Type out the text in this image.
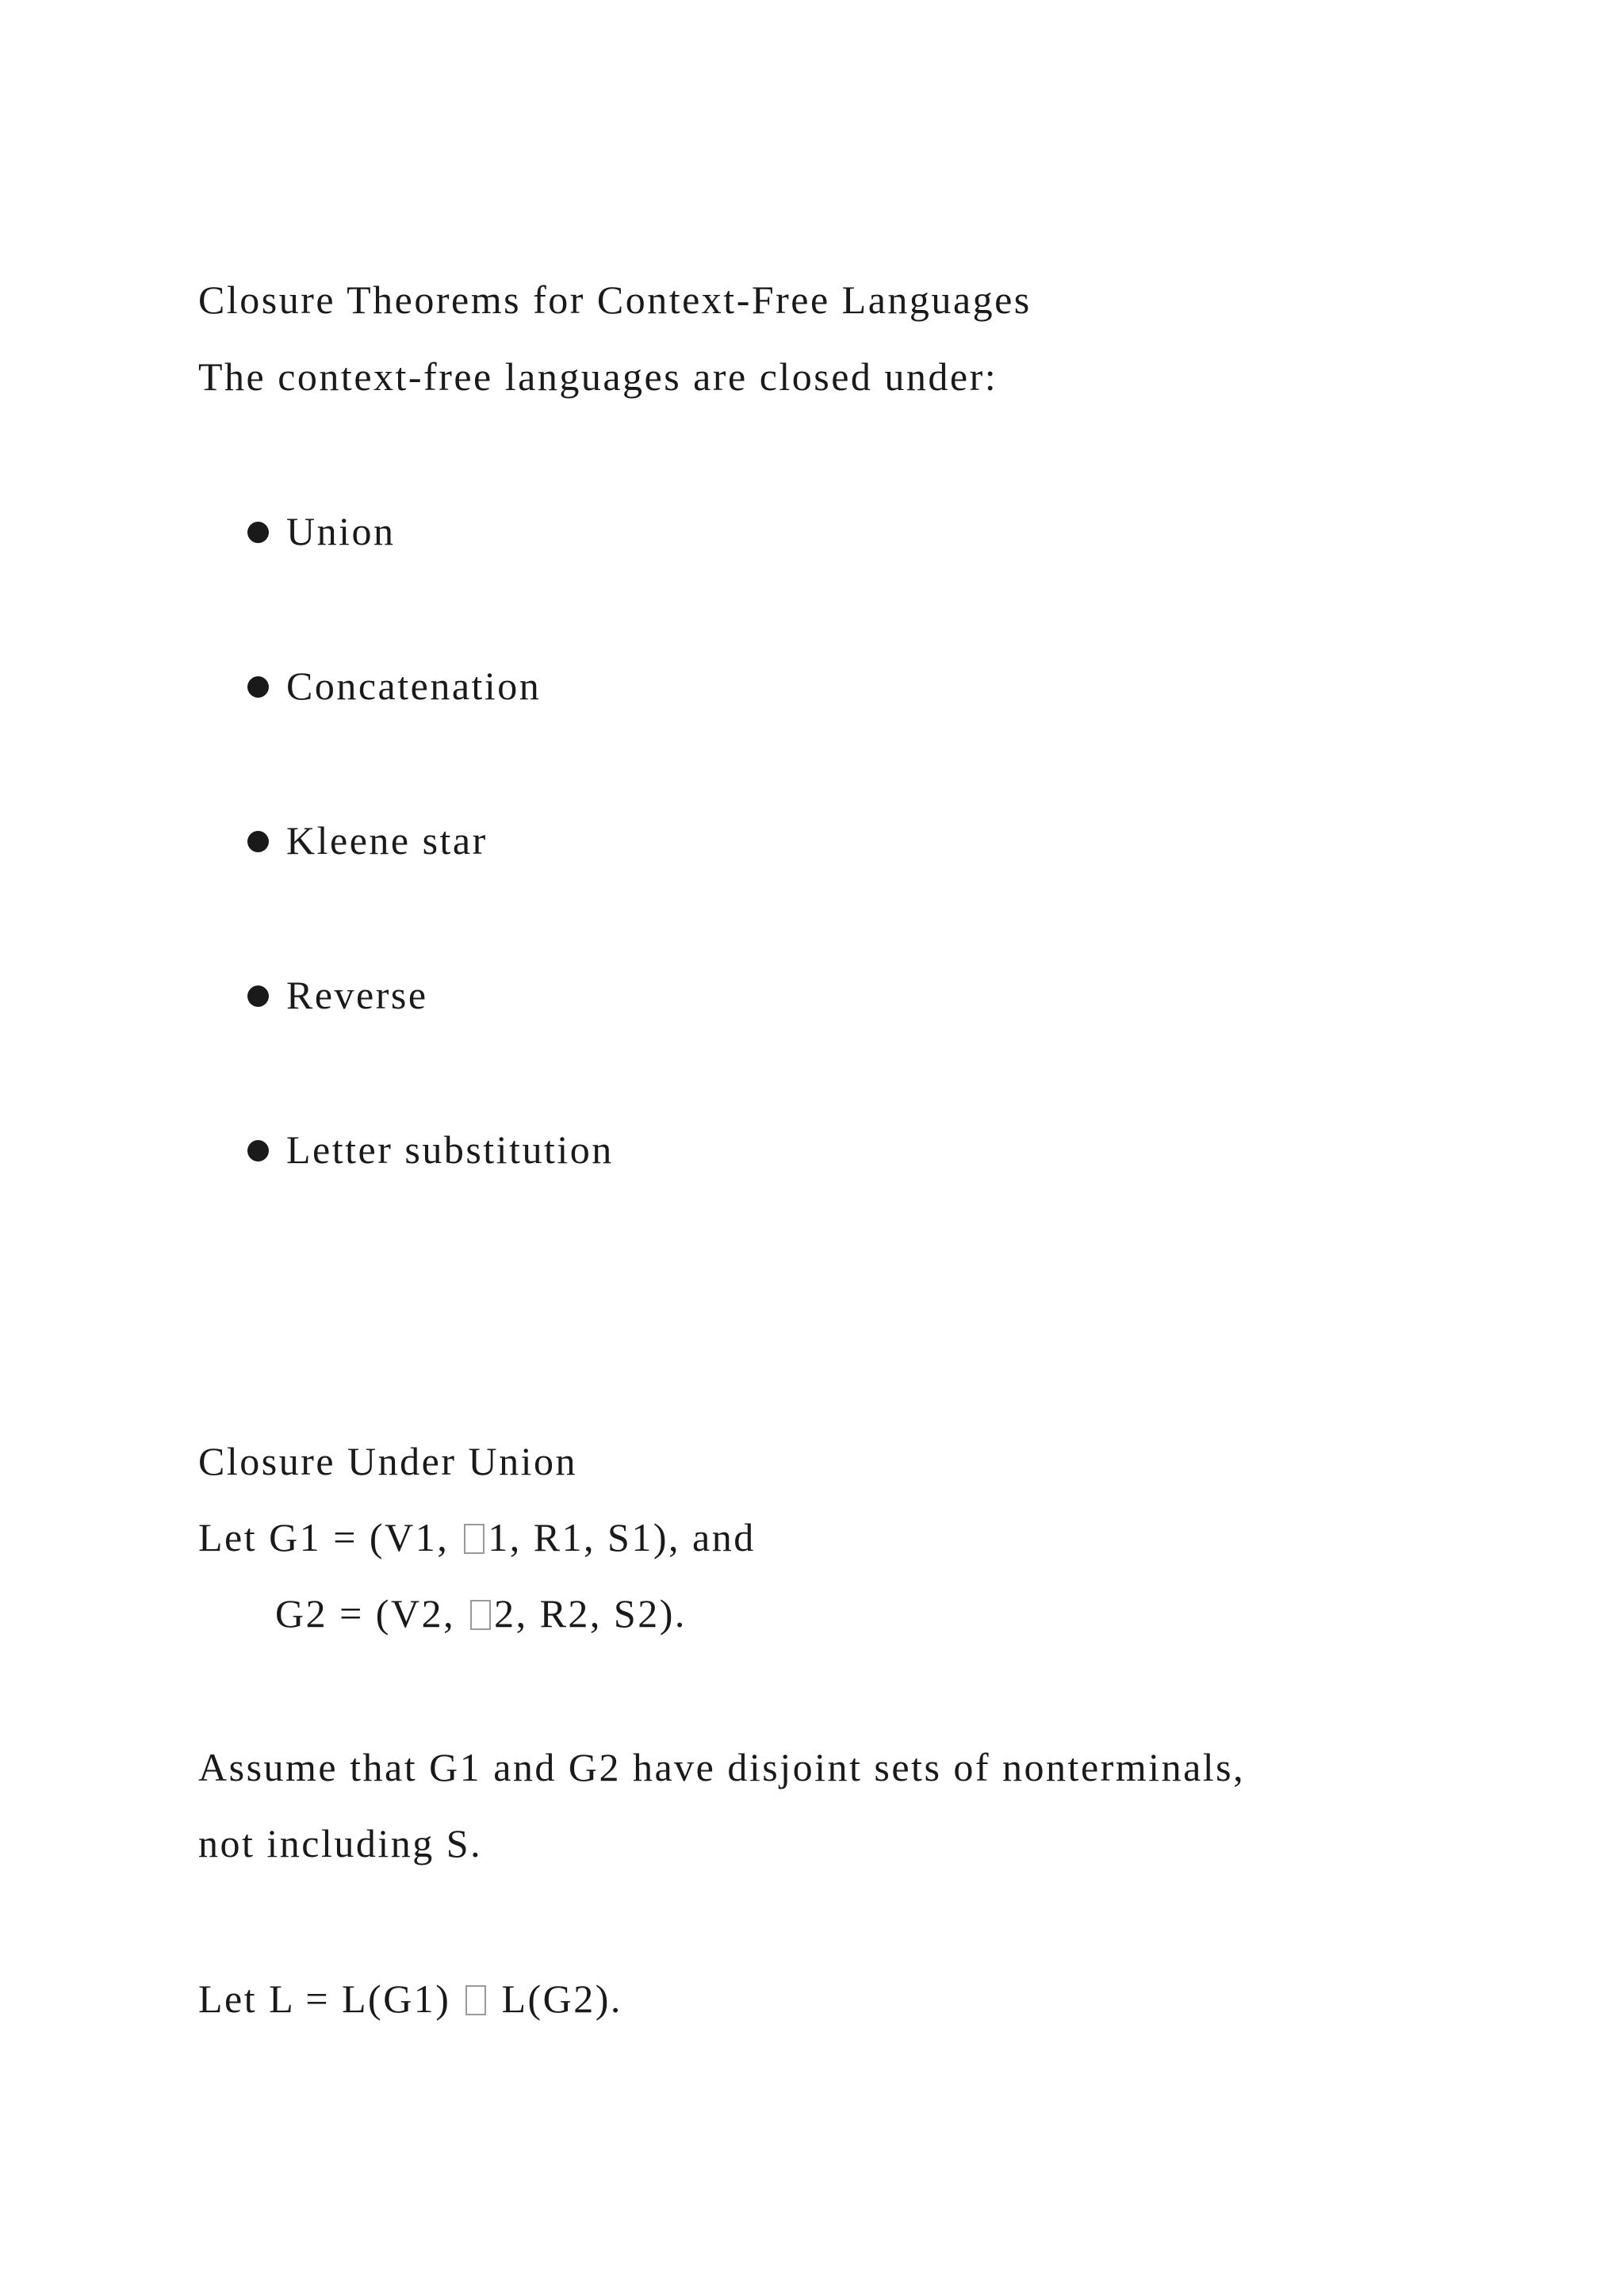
Closure Theorems for Context-Free Languages
The context-free languages are closed under:
Union
Concatenation
Kleene star
Reverse
Letter substitution
Closure Under Union
Let G1 = (V1, 1, R1, S1), and
G2 = (V2, 2, R2, S2).
Assume that G1 and G2 have disjoint sets of nonterminals,
not including S.
Let L = L(G1)  L(G2).
